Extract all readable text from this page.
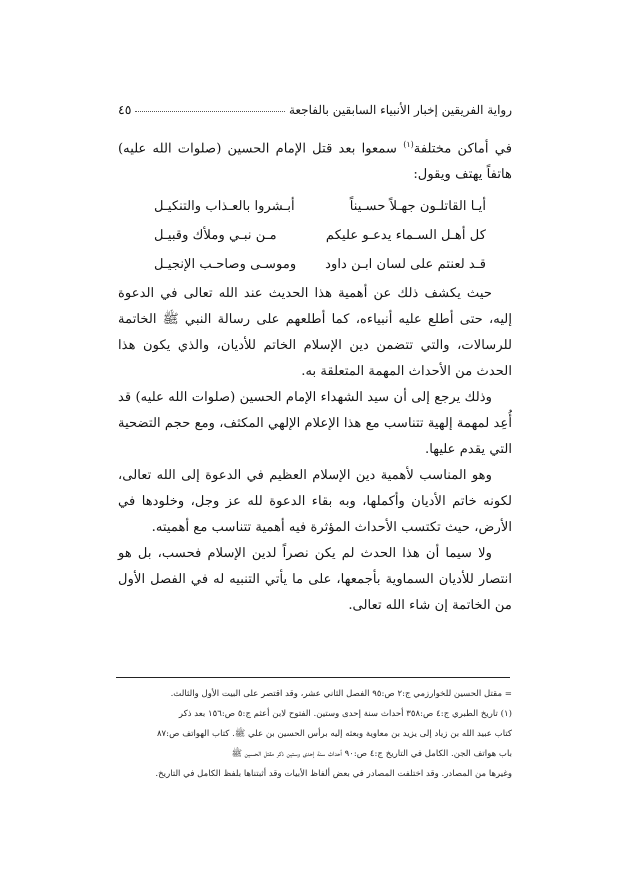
رواية الفريقين إخبار الأنبياء السابقين بالفاجعة
٤٥

في أماكن مختلفة$^{(١)}$ سمعوا بعد قتل الإمام الحسين (صلوات الله عليه) هاتفاً يهتف ويقول:

أيـا القاتلـون جهـلاً حسـيناً
أبـشروا بالعـذاب والتنكيـل
كل أهـل السـماء يدعـو عليكم
مـن نبـي وملأك وقبيـل
قـد لعنتم على لسان ابـن داود
وموسـى وصاحـب الإنجيـل

حيث يكشف ذلك عن أهمية هذا الحديث عند الله تعالى في الدعوة إليه، حتى أطلع عليه أنبياءه، كما أطلعهم على رسالة النبي ﷺ الخاتمة للرسالات، والتي تتضمن دين الإسلام الخاتم للأديان، والذي يكون هذا الحدث من الأحداث المهمة المتعلقة به.

وذلك يرجع إلى أن سيد الشهداء الإمام الحسين (صلوات الله عليه) قد أُعِد لمهمة إلهية تتناسب مع هذا الإعلام الإلهي المكثف، ومع حجم التضحية التي يقدم عليها.

وهو المناسب لأهمية دين الإسلام العظيم في الدعوة إلى الله تعالى، لكونه خاتم الأديان وأكملها، وبه بقاء الدعوة لله عز وجل، وخلودها في الأرض، حيث تكتسب الأحداث المؤثرة فيه أهمية تتناسب مع أهميته.

ولا سيما أن هذا الحدث لم يكن نصراً لدين الإسلام فحسب، بل هو انتصار للأديان السماوية بأجمعها، على ما يأتي التنبيه له في الفصل الأول من الخاتمة إن شاء الله تعالى.

= مقتل الحسين للخوارزمي ج:٢ ص:٩٥ الفصل الثاني عشر، وقد اقتصر على البيت الأول والثالث.
(١) تاريخ الطبري ج:٤ ص:٣٥٨ أحداث سنة إحدى وستين. الفتوح لابن أعثم ج:٥ ص:١٥٦ بعد ذكر
كتاب عبيد الله بن زياد إلى يزيد بن معاوية وبعثه إليه برأس الحسين بن علي ﷺ. كتاب الهواتف ص:٨٧
باب هواتف الجن. الكامل في التاريخ ج:٤ ص:٩٠ أحداث سنة إحدى وستين ذكر مقتل الحسين ﷺ
وغيرها من المصادر. وقد اختلفت المصادر في بعض ألفاظ الأبيات وقد أثبتناها بلفظ الكامل في التاريخ.
